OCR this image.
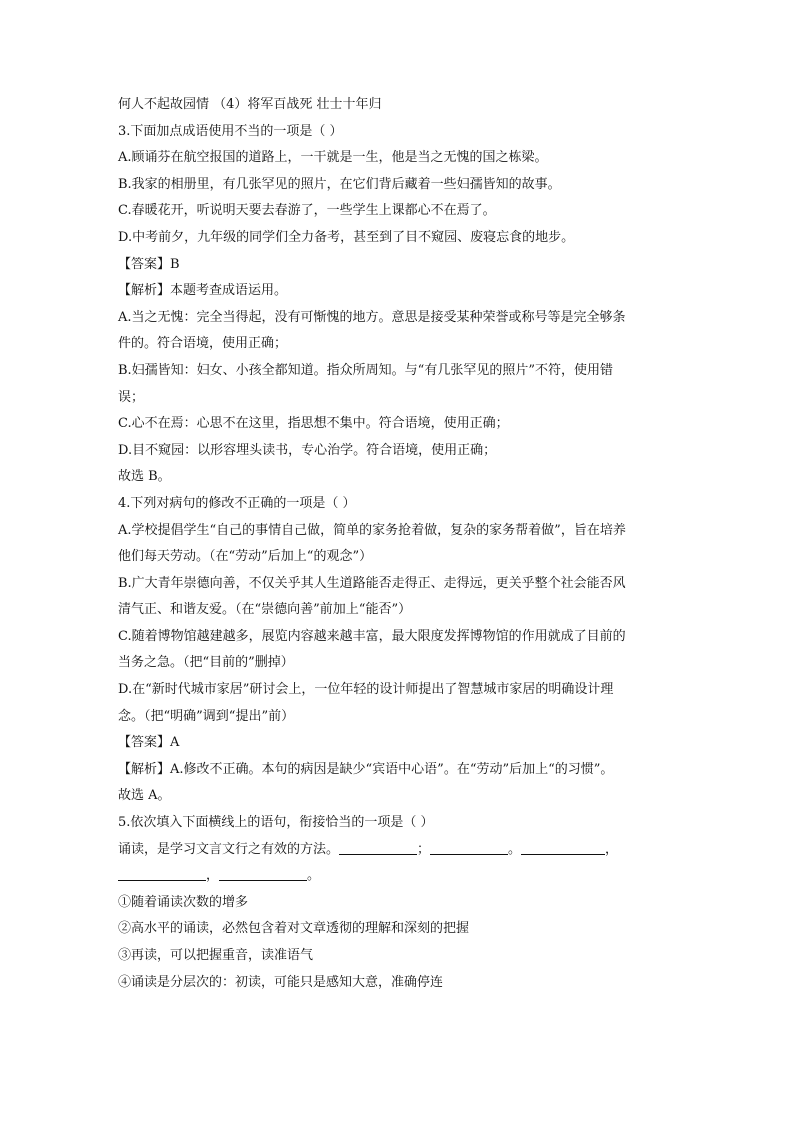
何人不起故园情 （4）将军百战死 壮士十年归
3.下面加点成语使用不当的一项是（ ）
A.顾诵芬在航空报国的道路上，一干就是一生，他是当之无愧的国之栋梁。
B.我家的相册里，有几张罕见的照片，在它们背后藏着一些妇孺皆知的故事。
C.春暖花开，听说明天要去春游了，一些学生上课都心不在焉了。
D.中考前夕，九年级的同学们全力备考，甚至到了目不窥园、废寝忘食的地步。
【答案】B
【解析】本题考查成语运用。
A.当之无愧：完全当得起，没有可惭愧的地方。意思是接受某种荣誉或称号等是完全够条
件的。符合语境，使用正确；
B.妇孺皆知：妇女、小孩全都知道。指众所周知。与“有几张罕见的照片”不符，使用错
误；
C.心不在焉：心思不在这里，指思想不集中。符合语境，使用正确；
D.目不窥园：以形容埋头读书，专心治学。符合语境，使用正确；
故选 B。
4.下列对病句的修改不正确的一项是（ ）
A.学校提倡学生“自己的事情自己做，简单的家务抢着做，复杂的家务帮着做”，旨在培养
他们每天劳动。（在“劳动”后加上“的观念”）
B.广大青年崇德向善，不仅关乎其人生道路能否走得正、走得远，更关乎整个社会能否风
清气正、和谐友爱。（在“崇德向善”前加上“能否”）
C.随着博物馆越建越多，展览内容越来越丰富，最大限度发挥博物馆的作用就成了目前的
当务之急。（把“目前的”删掉）
D.在“新时代城市家居”研讨会上，一位年轻的设计师提出了智慧城市家居的明确设计理
念。（把“明确”调到“提出”前）
【答案】A
【解析】A.修改不正确。本句的病因是缺少“宾语中心语”。在“劳动”后加上“的习惯”。
故选 A。
5.依次填入下面横线上的语句，衔接恰当的一项是（ ）
诵读，是学习文言文行之有效的方法。	；	。	，
，	。
①随着诵读次数的增多
②高水平的诵读，必然包含着对文章透彻的理解和深刻的把握
③再读，可以把握重音，读准语气
④诵读是分层次的：初读，可能只是感知大意，准确停连
